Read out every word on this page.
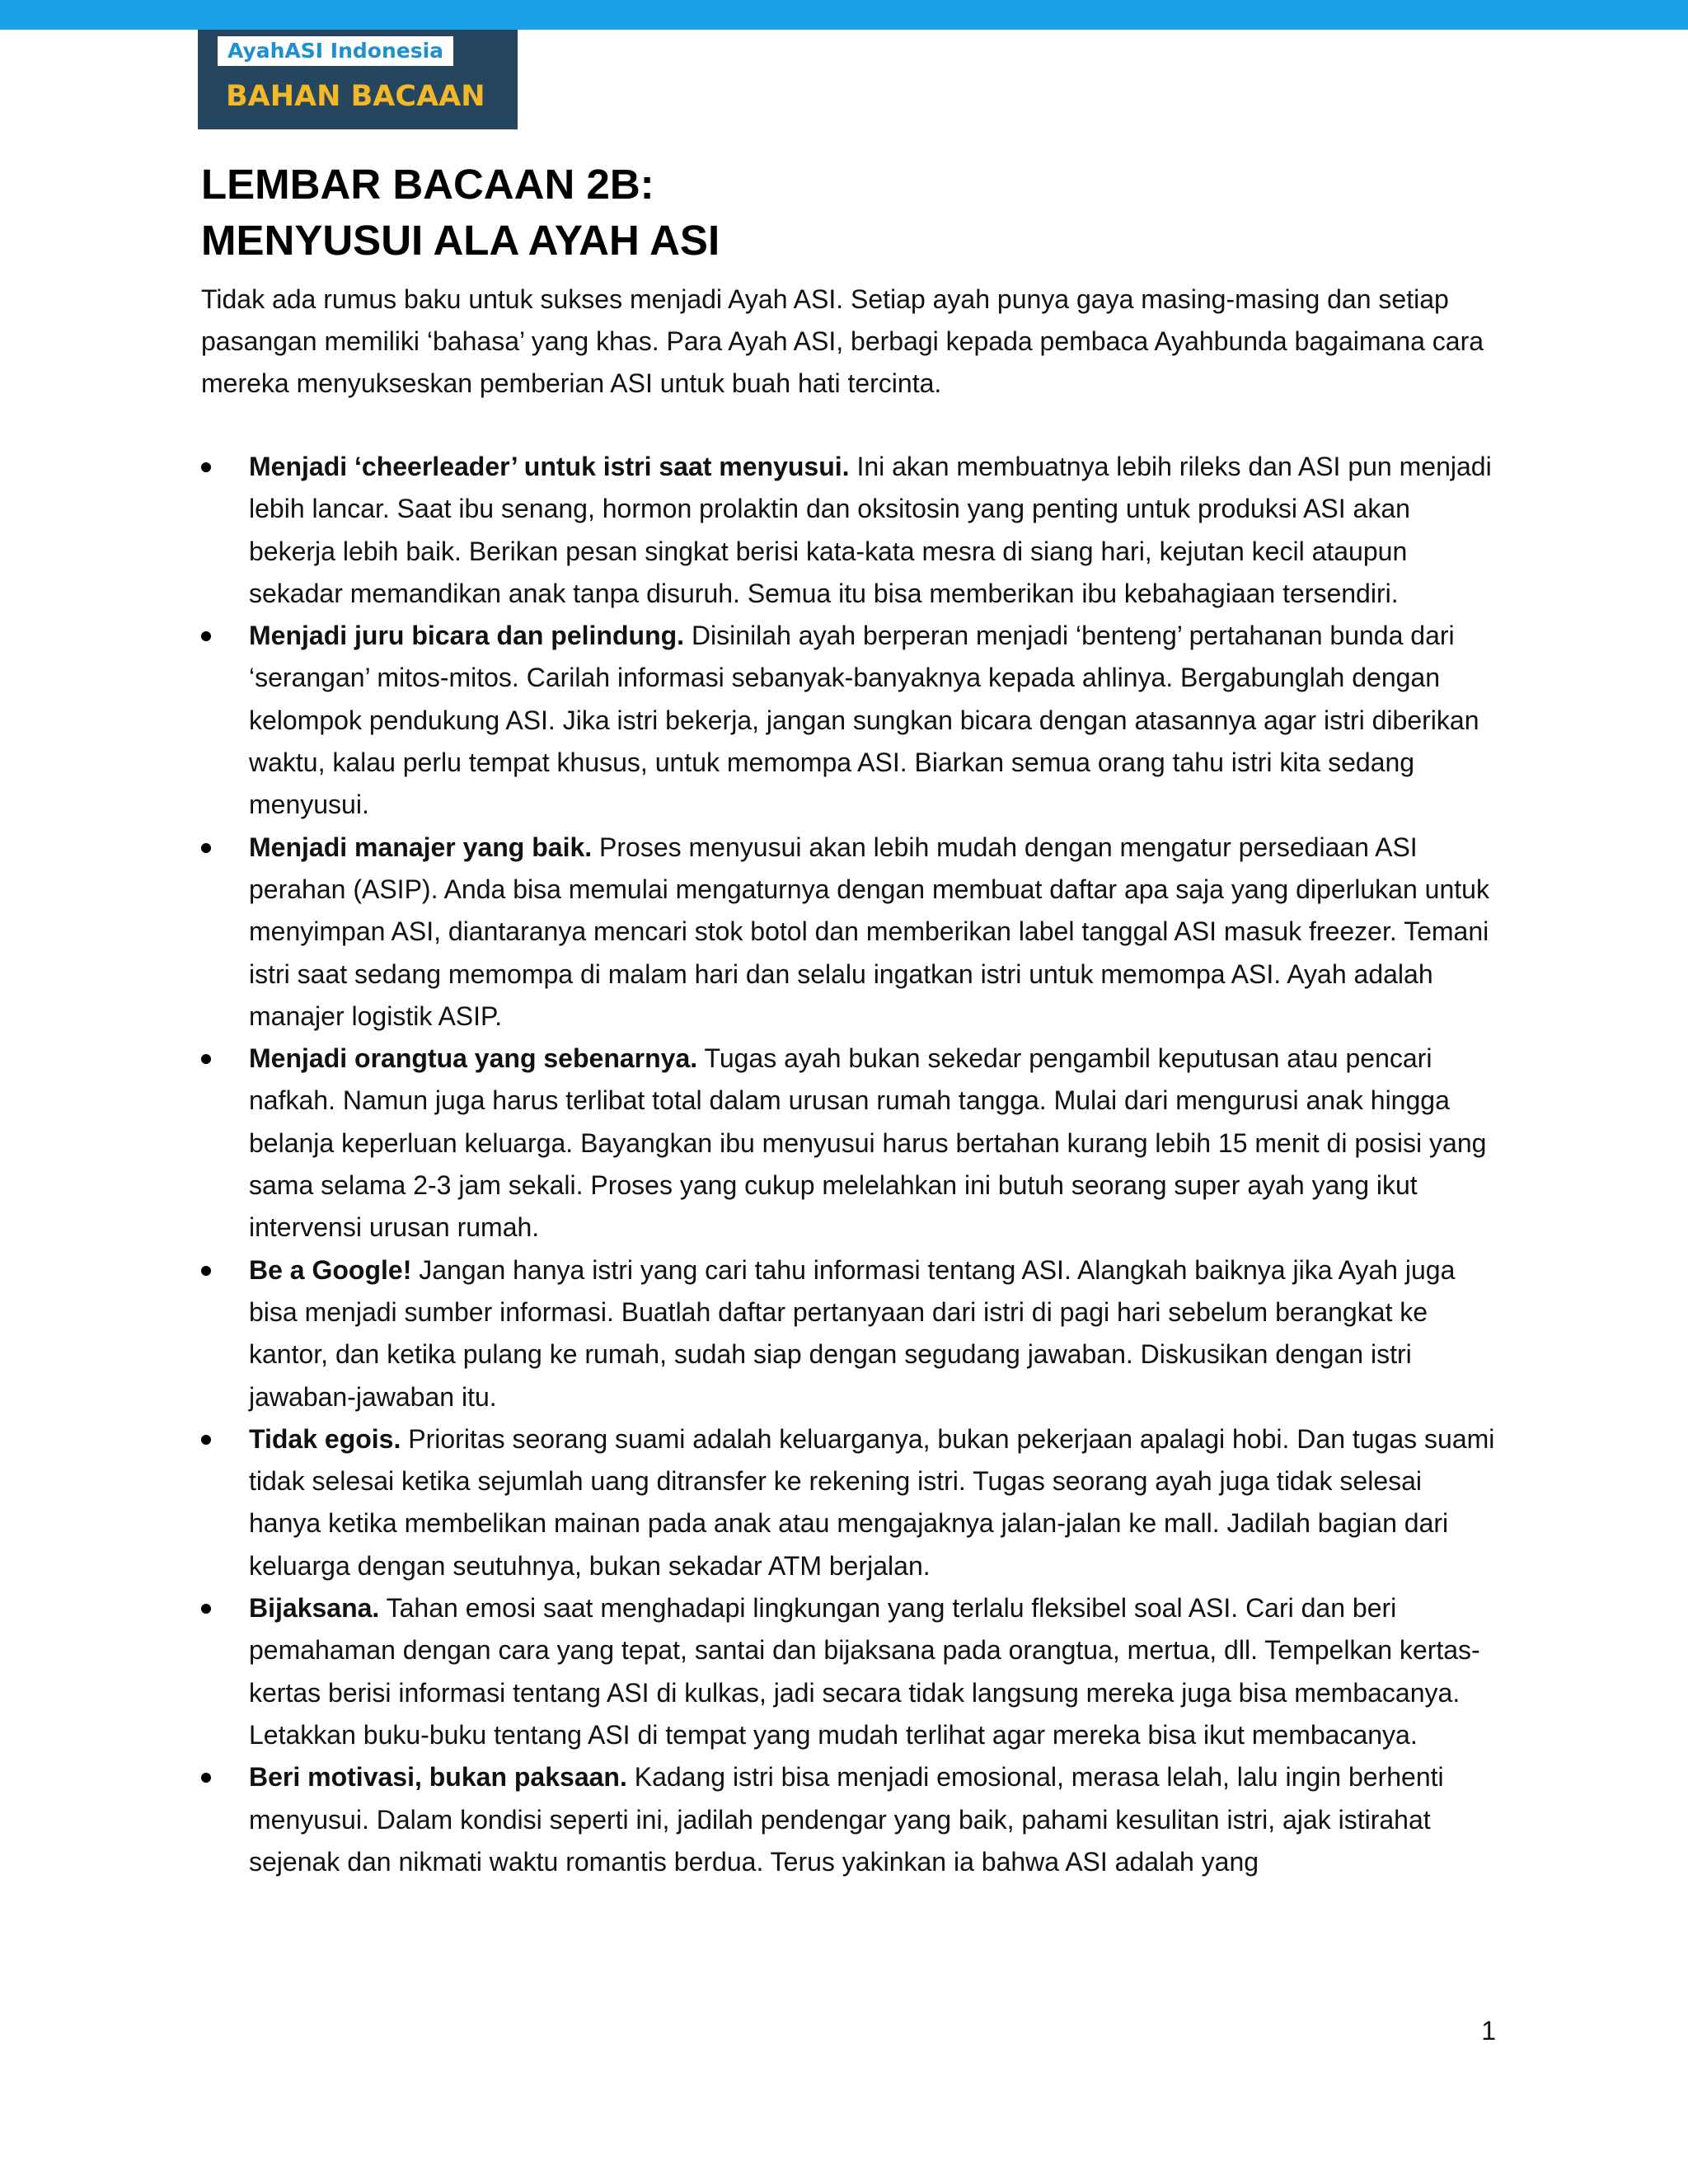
AyahASI Indonesia
BAHAN BACAAN
LEMBAR BACAAN 2B:
MENYUSUI ALA AYAH ASI

Tidak ada rumus baku untuk sukses menjadi Ayah ASI. Setiap ayah punya gaya masing-masing dan setiap pasangan memiliki ‘bahasa’ yang khas. Para Ayah ASI, berbagi kepada pembaca Ayahbunda bagaimana cara mereka menyukseskan pemberian ASI untuk buah hati tercinta.

Menjadi ‘cheerleader’ untuk istri saat menyusui. Ini akan membuatnya lebih rileks dan ASI pun menjadi lebih lancar. Saat ibu senang, hormon prolaktin dan oksitosin yang penting untuk produksi ASI akan bekerja lebih baik. Berikan pesan singkat berisi kata-kata mesra di siang hari, kejutan kecil ataupun sekadar memandikan anak tanpa disuruh. Semua itu bisa memberikan ibu kebahagiaan tersendiri.
Menjadi juru bicara dan pelindung. Disinilah ayah berperan menjadi ‘benteng’ pertahanan bunda dari ‘serangan’ mitos-mitos. Carilah informasi sebanyak-banyaknya kepada ahlinya. Bergabunglah dengan kelompok pendukung ASI. Jika istri bekerja, jangan sungkan bicara dengan atasannya agar istri diberikan waktu, kalau perlu tempat khusus, untuk memompa ASI. Biarkan semua orang tahu istri kita sedang menyusui.
Menjadi manajer yang baik. Proses menyusui akan lebih mudah dengan mengatur persediaan ASI perahan (ASIP). Anda bisa memulai mengaturnya dengan membuat daftar apa saja yang diperlukan untuk menyimpan ASI, diantaranya mencari stok botol dan memberikan label tanggal ASI masuk freezer. Temani istri saat sedang memompa di malam hari dan selalu ingatkan istri untuk memompa ASI. Ayah adalah manajer logistik ASIP.
Menjadi orangtua yang sebenarnya. Tugas ayah bukan sekedar pengambil keputusan atau pencari nafkah. Namun juga harus terlibat total dalam urusan rumah tangga. Mulai dari mengurusi anak hingga belanja keperluan keluarga. Bayangkan ibu menyusui harus bertahan kurang lebih 15 menit di posisi yang sama selama 2-3 jam sekali. Proses yang cukup melelahkan ini butuh seorang super ayah yang ikut intervensi urusan rumah.
Be a Google! Jangan hanya istri yang cari tahu informasi tentang ASI. Alangkah baiknya jika Ayah juga bisa menjadi sumber informasi. Buatlah daftar pertanyaan dari istri di pagi hari sebelum berangkat ke kantor, dan ketika pulang ke rumah, sudah siap dengan segudang jawaban. Diskusikan dengan istri jawaban-jawaban itu.
Tidak egois. Prioritas seorang suami adalah keluarganya, bukan pekerjaan apalagi hobi. Dan tugas suami tidak selesai ketika sejumlah uang ditransfer ke rekening istri. Tugas seorang ayah juga tidak selesai hanya ketika membelikan mainan pada anak atau mengajaknya jalan-jalan ke mall. Jadilah bagian dari keluarga dengan seutuhnya, bukan sekadar ATM berjalan.
Bijaksana. Tahan emosi saat menghadapi lingkungan yang terlalu fleksibel soal ASI. Cari dan beri pemahaman dengan cara yang tepat, santai dan bijaksana pada orangtua, mertua, dll. Tempelkan kertas-kertas berisi informasi tentang ASI di kulkas, jadi secara tidak langsung mereka juga bisa membacanya. Letakkan buku-buku tentang ASI di tempat yang mudah terlihat agar mereka bisa ikut membacanya.
Beri motivasi, bukan paksaan. Kadang istri bisa menjadi emosional, merasa lelah, lalu ingin berhenti menyusui. Dalam kondisi seperti ini, jadilah pendengar yang baik, pahami kesulitan istri, ajak istirahat sejenak dan nikmati waktu romantis berdua. Terus yakinkan ia bahwa ASI adalah yang
1
